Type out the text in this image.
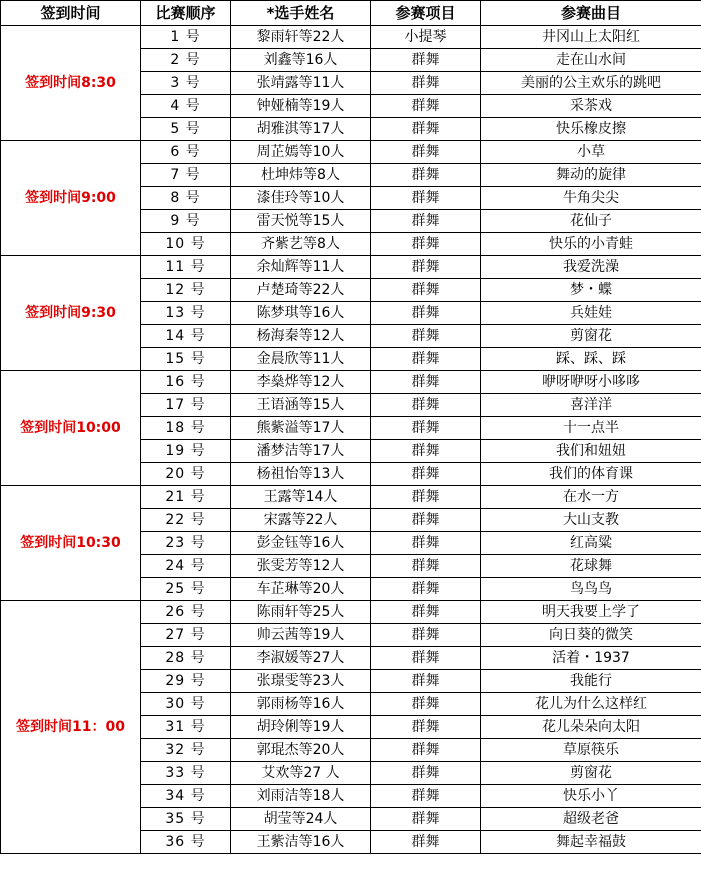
签到时间	比赛顺序	*选手姓名	参赛项目	参赛曲目
签到时间8:30	1 号	黎雨轩等22人	小提琴	井冈山上太阳红
	2 号	刘鑫等16人	群舞	走在山水间
	3 号	张靖露等11人	群舞	美丽的公主欢乐的跳吧
	4 号	钟娅楠等19人	群舞	采茶戏
	5 号	胡雅淇等17人	群舞	快乐橡皮擦
签到时间9:00	6 号	周芷嫣等10人	群舞	小草
	7 号	杜坤炜等8人	群舞	舞动的旋律
	8 号	漆佳玲等10人	群舞	牛角尖尖
	9 号	雷天悦等15人	群舞	花仙子
	10 号	齐紫艺等8人	群舞	快乐的小青蛙
签到时间9:30	11 号	余灿辉等11人	群舞	我爱洗澡
	12 号	卢楚琦等22人	群舞	梦・蝶
	13 号	陈梦琪等16人	群舞	兵娃娃
	14 号	杨海秦等12人	群舞	剪窗花
	15 号	金晨欣等11人	群舞	踩、踩、踩
签到时间10:00	16 号	李燊烨等12人	群舞	咿呀咿呀小哆哆
	17 号	王语涵等15人	群舞	喜洋洋
	18 号	熊紫溢等17人	群舞	十一点半
	19 号	潘梦洁等17人	群舞	我们和妞妞
	20 号	杨祖怡等13人	群舞	我们的体育课
签到时间10:30	21 号	王露等14人	群舞	在水一方
	22 号	宋露等22人	群舞	大山支教
	23 号	彭金钰等16人	群舞	红高粱
	24 号	张雯芳等12人	群舞	花球舞
	25 号	车芷琳等20人	群舞	鸟鸟鸟
签到时间11：00	26 号	陈雨轩等25人	群舞	明天我要上学了
	27 号	帅云茜等19人	群舞	向日葵的微笑
	28 号	李淑媛等27人	群舞	活着・1937
	29 号	张璟雯等23人	群舞	我能行
	30 号	郭雨杨等16人	群舞	花儿为什么这样红
	31 号	胡玲俐等19人	群舞	花儿朵朵向太阳
	32 号	郭琨杰等20人	群舞	草原筷乐
	33 号	艾欢等27 人	群舞	剪窗花
	34 号	刘雨洁等18人	群舞	快乐小丫
	35 号	胡莹等24人	群舞	超级老爸
	36 号	王紫洁等16人	群舞	舞起幸福鼓
